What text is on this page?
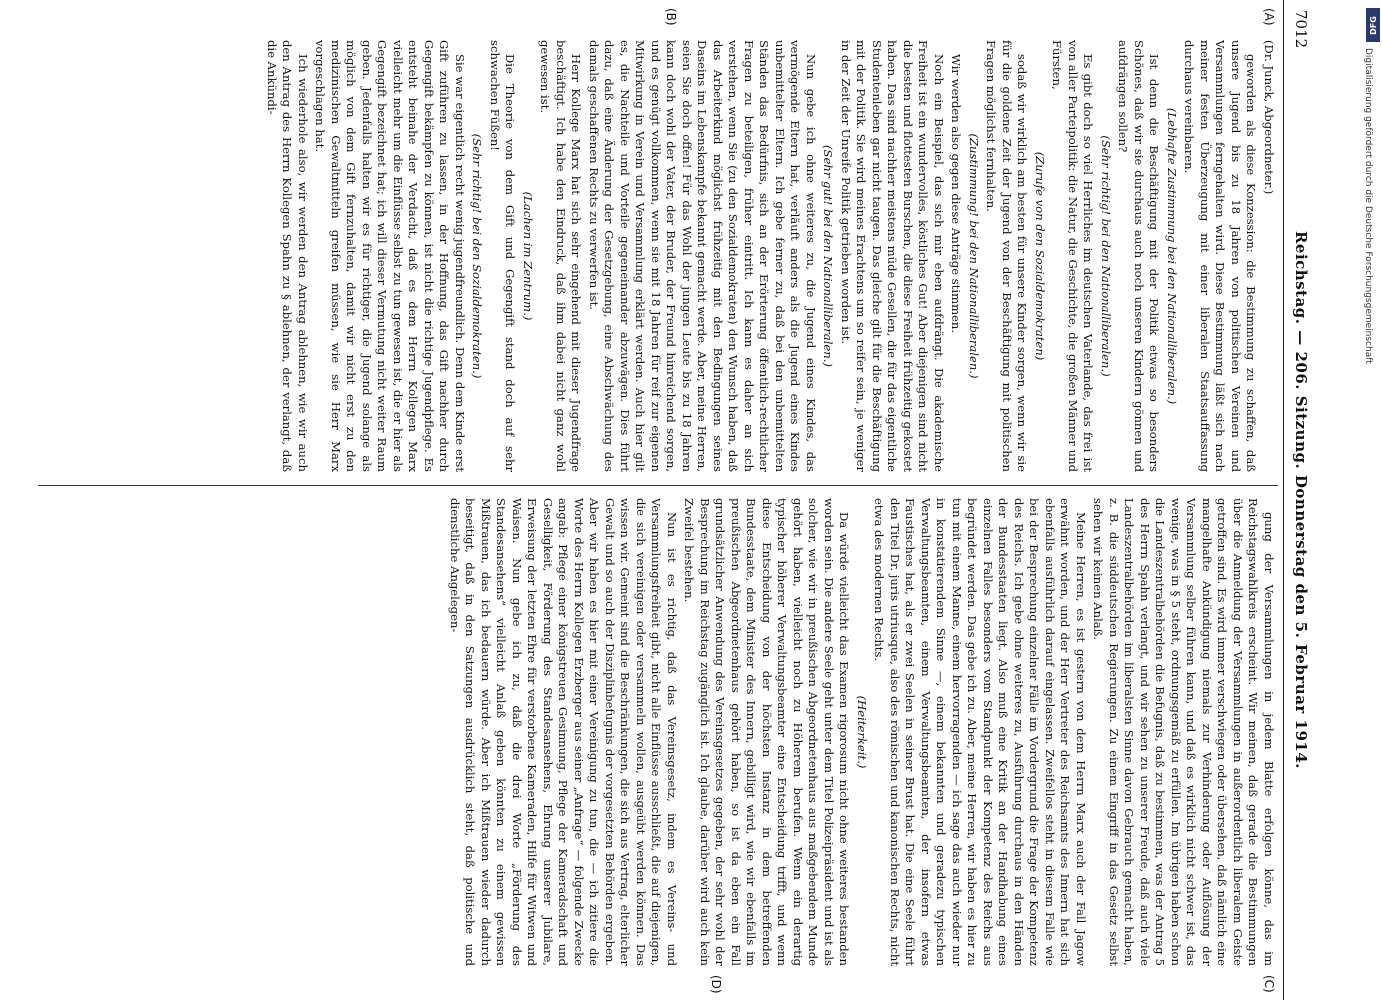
7012
Reichstag. — 206. Sitzung. Donnerstag den 5. Februar 1914.
(A)
(B)
(C)
(D)

(Dr. Junck, Abgeordneter.)

geworden als diese Konzession: die Bestimmung zu schaffen, daß unsere Jugend bis zu 18 Jahren von politischen Vereinen und Versammlungen ferngehalten wird. Diese Bestimmung läßt sich nach meiner festen Überzeugung mit einer liberalen Staatsauffassung durchaus vereinbaren.

(Lebhafte Zustimmung bei den Nationalliberalen.)

Ist denn die Beschäftigung mit der Politik etwas so besonders Schönes, daß wir sie durchaus auch noch unseren Kindern gönnen und aufdrängen sollen?

(Sehr richtig! bei den Nationalliberalen.)

Es gibt doch so viel Herrliches im deutschen Vaterlande, das frei ist von aller Parteipolitik: die Natur, die Geschichte, die großen Männer und Fürsten,

(Zurufe von den Sozialdemokraten)

sodaß wir wirklich am besten für unsere Kinder sorgen, wenn wir sie für die goldene Zeit der Jugend von der Beschäftigung mit politischen Fragen möglichst fernhalten.

(Zustimmung! bei den Nationalliberalen.)

Wir werden also gegen diese Anträge stimmen.

Noch ein Beispiel, das sich mir eben aufdrängt. Die akademische Freiheit ist ein wundervolles, köstliches Gut! Aber diejenigen sind nicht die besten und flottesten Burschen, die diese Freiheit frühzeitig gekostet haben. Das sind nachher meistens müde Gesellen, die für das eigentliche Studentenleben gar nicht taugen. Das gleiche gilt für die Beschäftigung mit der Politik. Sie wird meines Erachtens um so reifer sein, je weniger in der Zeit der Unreife Politik getrieben worden ist.

(Sehr gut! bei den Nationalliberalen.)

Nun gebe ich ohne weiteres zu, die Jugend eines Kindes, das vermögende Eltern hat, verläuft anders als die Jugend eines Kindes unbemittelter Eltern. Ich gebe ferner zu, daß bei den unbemittelten Ständen das Bedürfnis, sich an der Erörterung öffentlich-rechtlicher Fragen zu beteiligen, früher eintritt. Ich kann es daher an sich verstehen, wenn Sie (zu den Sozialdemokraten) den Wunsch haben, daß das Arbeiterkind möglichst frühzeitig mit den Bedingungen seines Daseins im Lebenskampfe bekannt gemacht werde. Aber, meine Herren, seien Sie doch offen! Für das Wohl der jungen Leute bis zu 18 Jahren kann doch wohl der Vater, der Bruder, der Freund hinreichend sorgen, und es genügt vollkommen, wenn sie mit 18 Jahren für reif zur eigenen Mitwirkung in Verein und Versammlung erklärt werden. Auch hier gilt es, die Nachteile und Vorteile gegeneinander abzuwägen. Dies führt dazu, daß eine Änderung der Gesetzgebung, eine Abschwächung des damals geschaffenen Rechts zu verwerfen ist.

Herr Kollege Marx hat sich sehr eingehend mit dieser Jugendfrage beschäftigt. Ich habe den Eindruck, daß ihm dabei nicht ganz wohl gewesen ist.

(Lachen im Zentrum.)

Die Theorie von dem Gift und Gegengift stand doch auf sehr schwachen Füßen!

(Sehr richtig! bei den Sozialdemokraten.)

Sie war eigentlich recht wenig jugendfreundlich. Denn dem Kinde erst Gift zuführen zu lassen, in der Hoffnung, das Gift nachher durch Gegengift bekämpfen zu können, ist nicht die richtige Jugendpflege. Es entsteht beinahe der Verdacht, daß es dem Herrn Kollegen Marx vielleicht mehr um die Einflüsse selbst zu tun gewesen ist, die er hier als Gegengift bezeichnet hat; ich will dieser Vermutung nicht weiter Raum geben. Jedenfalls halten wir es für richtiger, die Jugend solange als möglich von dem Gift fernzuhalten, damit wir nicht erst zu den medizinischen Gewaltmitteln greifen müssen, wie sie Herr Marx vorgeschlagen hat.

Ich wiederhole also, wir werden den Antrag ablehnen, wie wir auch den Antrag des Herrn Kollegen Spahn zu § ablehnen, der verlangt, daß die Ankündi-

gung der Versammlungen in jedem Blatte erfolgen könne, das im Reichstagswahlkreis erscheint. Wir meinen, daß gerade die Bestimmungen über die Anmeldung der Versammlungen in außerordentlich liberalem Geiste getroffen sind. Es wird immer verschwiegen oder übersehen, daß nämlich eine mangelhafte Ankündigung niemals zur Verhinderung oder Auflösung der Versammlung selber führen kann, und daß es wirklich nicht schwer ist, das wenige, was in § 5 steht, ordnungsgemäß zu erfüllen. Im übrigen haben schon die Landeszentralbehörden die Befugnis, daß zu bestimmen, was der Antrag 5 des Herrn Spahn verlangt, und wir sehen zu unserer Freude, daß auch viele Landeszentralbehörden im liberalsten Sinne davon Gebrauch gemacht haben, z. B. die süddeutschen Regierungen. Zu einem Eingriff in das Gesetz selbst sehen wir keinen Anlaß.

Meine Herren, es ist gestern von dem Herrn Marx auch der Fall Jagow erwähnt worden, und der Herr Vertreter des Reichsamts des Innern hat sich ebenfalls ausführlich darauf eingelassen. Zweifellos steht in diesem Falle wie bei der Besprechung einzelner Fälle im Vordergrund die Frage der Kompetenz des Reichs. Ich gebe ohne weiteres zu, Ausführung durchaus in den Händen der Bundesstaaten liegt. Also muß eine Kritik an der Handhabung eines einzelnen Falles besonders vom Standpunkt der Kompetenz des Reichs aus begründet werden. Das gebe ich zu. Aber, meine Herren, wir haben es hier zu tun mit einem Manne, einem hervorragenden — ich sage das auch wieder nur in konstatierendem Sinne —, einem bekannten und geradezu typischen Verwaltungsbeamten, einem Verwaltungsbeamten, der insofern etwas Faustisches hat, als er zwei Seelen in seiner Brust hat. Die eine Seele führt den Titel Dr. juris utriusque, also des römischen und kanonischen Rechts, nicht etwa des modernen Rechts.

(Heiterkeit.)

Da würde vielleicht das Examen rigorosum nicht ohne weiteres bestanden worden sein. Die andere Seele geht unter dem Titel Polizeipräsident und ist als solcher, wie wir in preußischen Abgeordnetenhaus aus maßgebendem Munde gehört haben, vielleicht noch zu Höherem berufen. Wenn ein derartig typischer höherer Verwaltungsbeamter eine Entscheidung trifft, und wenn diese Entscheidung von der höchsten Instanz in dem betreffenden Bundesstaate, dem Minister des Innern, gebilligt wird, wie wir ebenfalls im preußischen Abgeordnetenhaus gehört haben, so ist da eben ein Fall grundsätzlicher Anwendung des Vereinsgesetzes gegeben, der sehr wohl der Besprechung im Reichstag zugänglich ist. Ich glaube, darüber wird auch kein Zweifel bestehen.

Nun ist es richtig, daß das Vereinsgesetz, indem es Vereins- und Versammlungsfreiheit gibt, nicht alle Einflüsse ausschließt, die auf diejenigen, die sich vereinigen oder versammeln wollen, ausgeübt werden können. Das wissen wir. Gemeint sind die Beschränkungen, die sich aus Vertrag, elterlicher Gewalt und so auch der Disziplinbefugnis der vorgesetzten Behörden ergeben. Aber wir haben es hier mit einer Vereinigung zu tun, die — ich zitiere die Worte des Herrn Kollegen Erzberger aus seiner „Anfrage“ — folgende Zwecke angab: Pflege einer königstreuen Gesinnung, Pflege der Kameradschaft und Geselligkeit, Förderung des Standesansehens, Ehrung unserer Jubilare, Erweisung der letzten Ehre für verstorbene Kameraden, Hilfe für Witwen und Waisen. Nun gebe ich zu, daß die drei Worte „Förderung des Standesansehens“ vielleicht Anlaß geben könnten zu einem gewissen Mißtrauen, das ich bedauern würde. Aber ich Mißtrauen wieder dadurch beseitigt, daß in den Satzungen ausdrücklich steht, daß politische und dienstliche Angelegen-

DFG
Digitalisierung gefördert durch die Deutsche Forschungsgemeinschaft
